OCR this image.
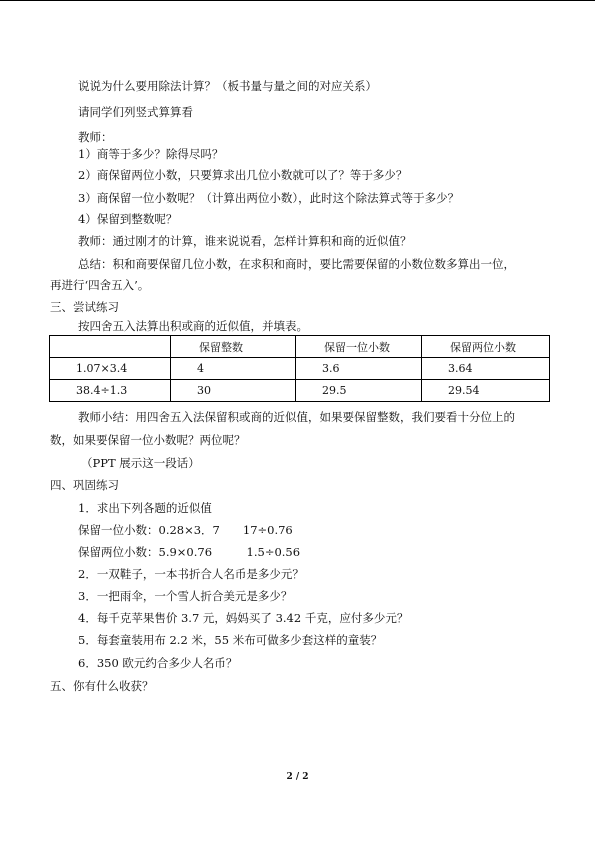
说说为什么要用除法计算？（板书量与量之间的对应关系）
请同学们列竖式算算看
教师：
1）商等于多少？除得尽吗？
2）商保留两位小数，只要算求出几位小数就可以了？等于多少？
3）商保留一位小数呢？（计算出两位小数），此时这个除法算式等于多少？
4）保留到整数呢？
教师：通过刚才的计算，谁来说说看，怎样计算积和商的近似值？
总结：积和商要保留几位小数，在求积和商时，要比需要保留的小数位数多算出一位，
再进行‘四舍五入’。
三、尝试练习
按四舍五入法算出积或商的近似值，并填表。
	保留整数	保留一位小数	保留两位小数
1.07×3.4	4	3.6	3.64
38.4÷1.3	30	29.5	29.54
教师小结：用四舍五入法保留积或商的近似值，如果要保留整数，我们要看十分位上的
数，如果要保留一位小数呢？两位呢？
（PPT 展示这一段话）
四、巩固练习
1．求出下列各题的近似值
保留一位小数：0.28×3．7　　17÷0.76
保留两位小数：5.9×0.76　　　1.5÷0.56
2．一双鞋子，一本书折合人名币是多少元？
3．一把雨伞，一个雪人折合美元是多少？
4．每千克苹果售价 3.7 元，妈妈买了 3.42 千克，应付多少元？
5．每套童装用布 2.2 米，55 米布可做多少套这样的童装？
6．350 欧元约合多少人名币？
五、你有什么收获？
2 / 2
